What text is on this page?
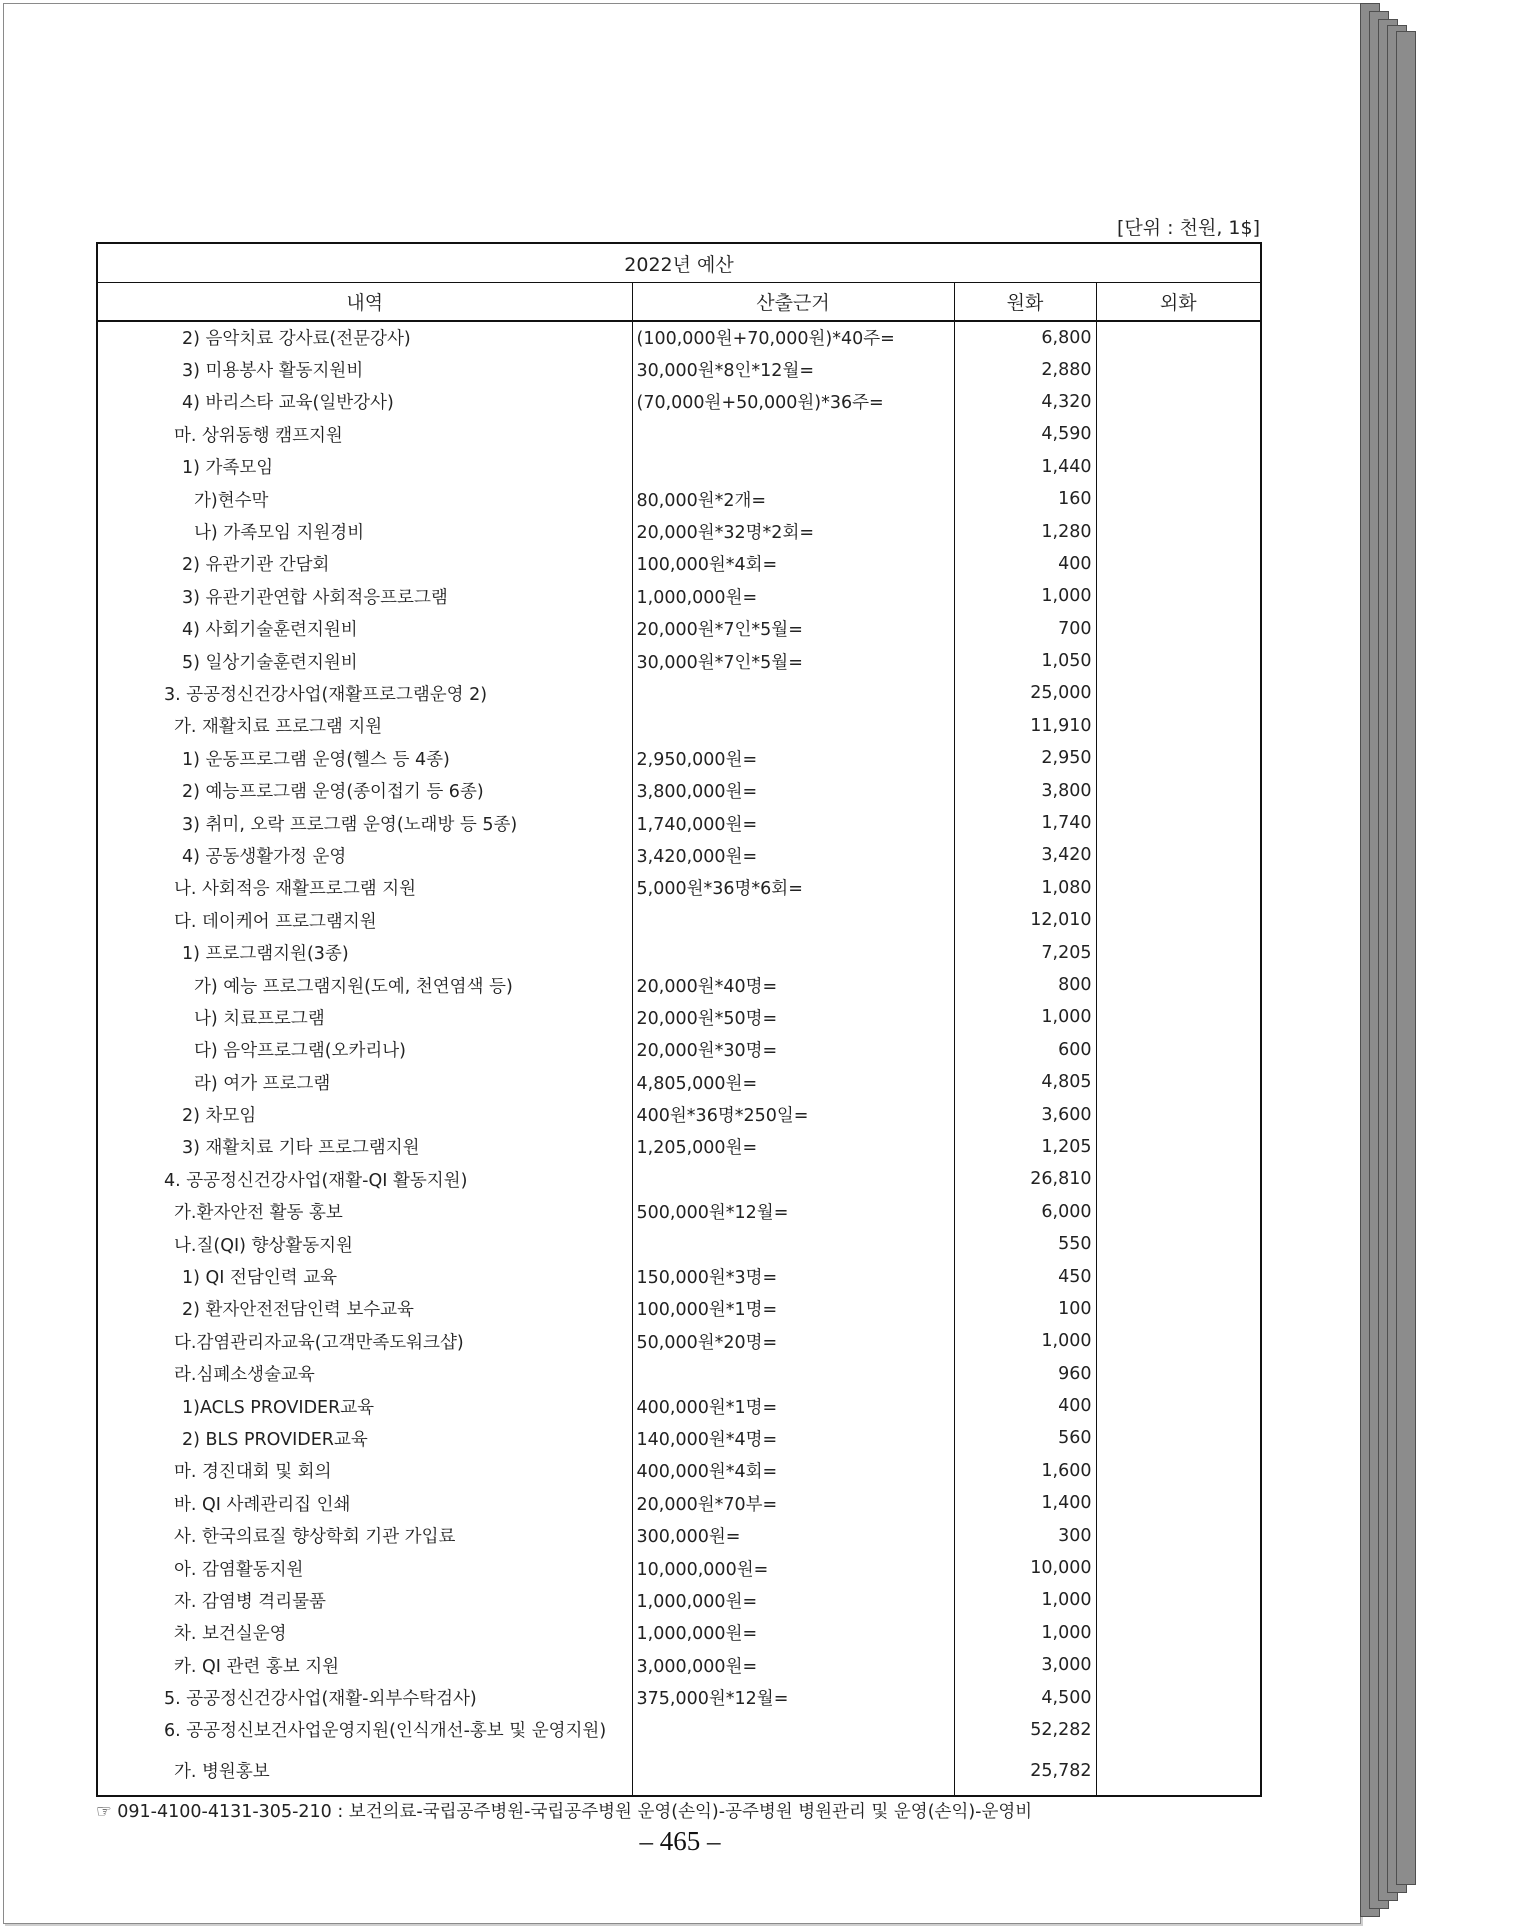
[단위 : 천원, 1$]
2022년 예산			
내역	산출근거	원화	외화
2) 음악치료 강사료(전문강사)	(100,000원+70,000원)*40주=	6,800	
3) 미용봉사 활동지원비	30,000원*8인*12월=	2,880	
4) 바리스타 교육(일반강사)	(70,000원+50,000원)*36주=	4,320	
마. 상위동행 캠프지원		4,590	
1) 가족모임		1,440	
가)현수막	80,000원*2개=	160	
나) 가족모임 지원경비	20,000원*32명*2회=	1,280	
2) 유관기관 간담회	100,000원*4회=	400	
3) 유관기관연합 사회적응프로그램	1,000,000원=	1,000	
4) 사회기술훈련지원비	20,000원*7인*5월=	700	
5) 일상기술훈련지원비	30,000원*7인*5월=	1,050	
3. 공공정신건강사업(재활프로그램운영 2)		25,000	
가. 재활치료 프로그램 지원		11,910	
1) 운동프로그램 운영(헬스 등 4종)	2,950,000원=	2,950	
2) 예능프로그램 운영(종이접기 등 6종)	3,800,000원=	3,800	
3) 취미, 오락 프로그램 운영(노래방 등 5종)	1,740,000원=	1,740	
4) 공동생활가정 운영	3,420,000원=	3,420	
나. 사회적응 재활프로그램 지원	5,000원*36명*6회=	1,080	
다. 데이케어 프로그램지원		12,010	
1) 프로그램지원(3종)		7,205	
가) 예능 프로그램지원(도예, 천연염색 등)	20,000원*40명=	800	
나) 치료프로그램	20,000원*50명=	1,000	
다) 음악프로그램(오카리나)	20,000원*30명=	600	
라) 여가 프로그램	4,805,000원=	4,805	
2) 차모임	400원*36명*250일=	3,600	
3) 재활치료 기타 프로그램지원	1,205,000원=	1,205	
4. 공공정신건강사업(재활-QI 활동지원)		26,810	
가.환자안전 활동 홍보	500,000원*12월=	6,000	
나.질(QI) 향상활동지원		550	
1) QI 전담인력 교육	150,000원*3명=	450	
2) 환자안전전담인력 보수교육	100,000원*1명=	100	
다.감염관리자교육(고객만족도워크샵)	50,000원*20명=	1,000	
라.심폐소생술교육		960	
1)ACLS PROVIDER교육	400,000원*1명=	400	
2) BLS PROVIDER교육	140,000원*4명=	560	
마. 경진대회 및 회의	400,000원*4회=	1,600	
바. QI 사례관리집 인쇄	20,000원*70부=	1,400	
사. 한국의료질 향상학회 기관 가입료	300,000원=	300	
아. 감염활동지원	10,000,000원=	10,000	
자. 감염병 격리물품	1,000,000원=	1,000	
차. 보건실운영	1,000,000원=	1,000	
카. QI 관련 홍보 지원	3,000,000원=	3,000	
5. 공공정신건강사업(재활-외부수탁검사)	375,000원*12월=	4,500	
6. 공공정신보건사업운영지원(인식개선-홍보 및 운영지원)		52,282	
가. 병원홍보		25,782	
☞ 091-4100-4131-305-210 : 보건의료-국립공주병원-국립공주병원 운영(손익)-공주병원 병원관리 및 운영(손익)-운영비
– 465 –
